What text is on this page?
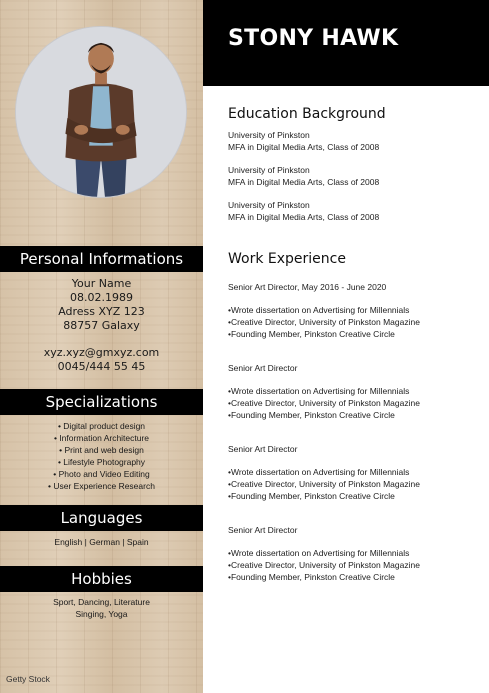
Personal Informations
Your Name
08.02.1989
Adress XYZ 123
88757 Galaxy
xyz.xyz@gmxyz.com
0045/444 55 45
Specializations
• Digital product design
• Information Architecture
• Print and web design
• Lifestyle Photography
• Photo and Video Editing
• User Experience Research
Languages
English | German | Spain
Hobbies
Sport, Dancing, Literature
Singing, Yoga
Getty Stock
STONY HAWK
Education Background
University of Pinkston
MFA in Digital Media Arts, Class of 2008
University of Pinkston
MFA in Digital Media Arts, Class of 2008
University of Pinkston
MFA in Digital Media Arts, Class of 2008
Work Experience
Senior Art Director, May 2016 - June 2020
•Wrote dissertation on Advertising for Millennials
•Creative Director, University of Pinkston Magazine
•Founding Member, Pinkston Creative Circle
Senior Art Director
•Wrote dissertation on Advertising for Millennials
•Creative Director, University of Pinkston Magazine
•Founding Member, Pinkston Creative Circle
Senior Art Director
•Wrote dissertation on Advertising for Millennials
•Creative Director, University of Pinkston Magazine
•Founding Member, Pinkston Creative Circle
Senior Art Director
•Wrote dissertation on Advertising for Millennials
•Creative Director, University of Pinkston Magazine
•Founding Member, Pinkston Creative Circle
